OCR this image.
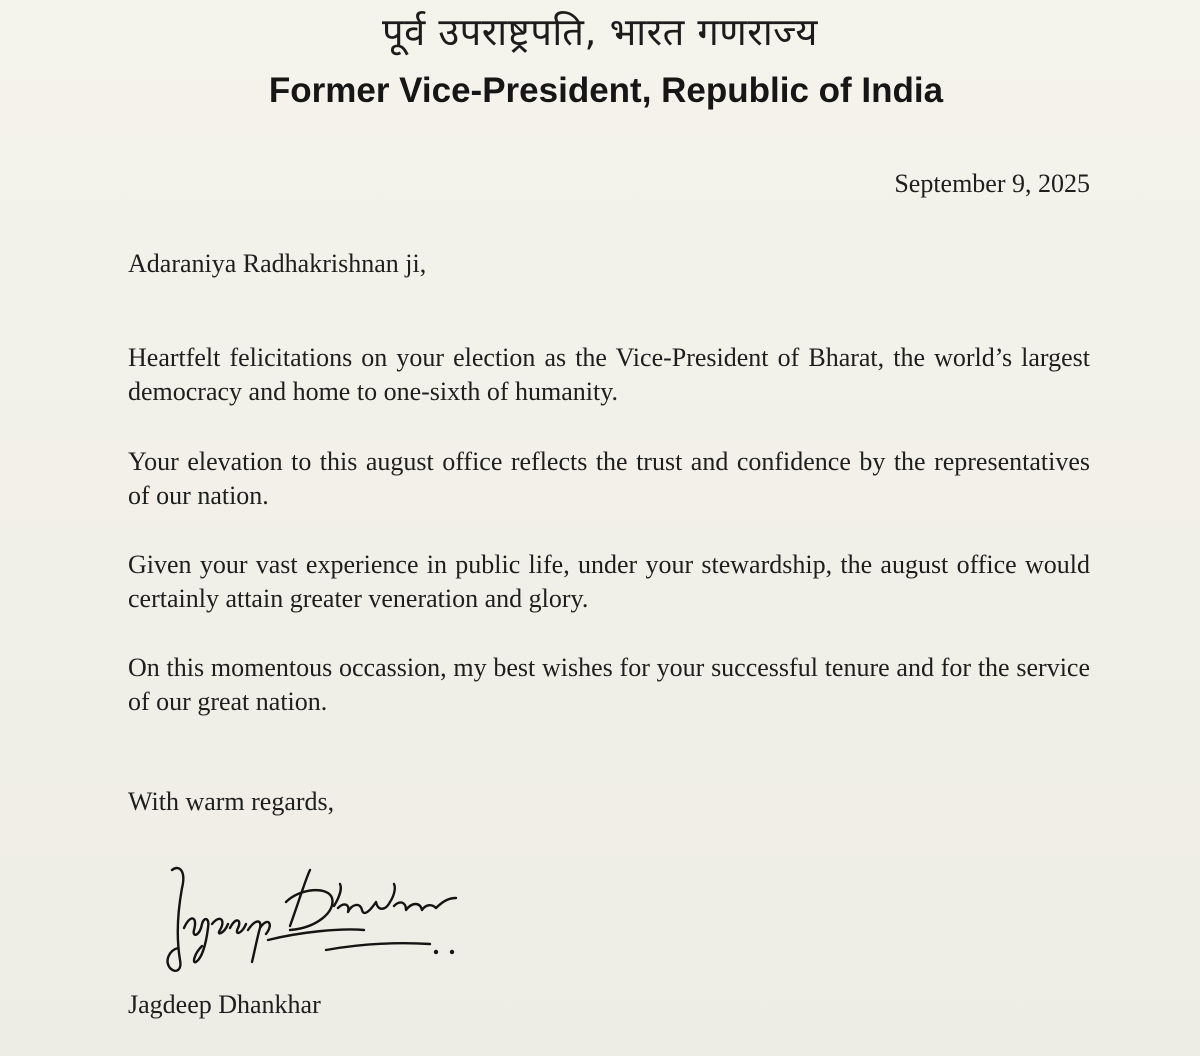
पूर्व उपराष्ट्रपति, भारत गणराज्य
Former Vice-President, Republic of India
September 9, 2025
Adaraniya Radhakrishnan ji,

Heartfelt felicitations on your election as the Vice-President of Bharat, the world’s largest democracy and home to one-sixth of humanity.

Your elevation to this august office reflects the trust and confidence by the representatives of our nation.

Given your vast experience in public life, under your stewardship, the august office would certainly attain greater veneration and glory.

On this momentous occassion, my best wishes for your successful tenure and for the service of our great nation.

With warm regards,
Jagdeep Dhankhar
